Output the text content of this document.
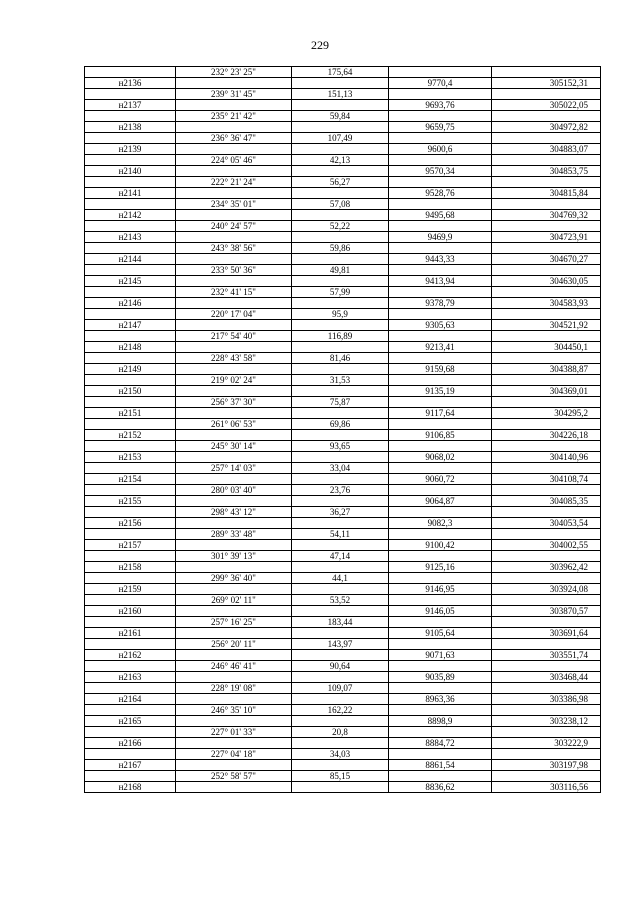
229
	232° 23' 25"	175,64		
н2136			9770,4	305152,31
	239° 31' 45"	151,13		
н2137			9693,76	305022,05
	235° 21' 42"	59,84		
н2138			9659,75	304972,82
	236° 36' 47"	107,49		
н2139			9600,6	304883,07
	224° 05' 46"	42,13		
н2140			9570,34	304853,75
	222° 21' 24"	56,27		
н2141			9528,76	304815,84
	234° 35' 01"	57,08		
н2142			9495,68	304769,32
	240° 24' 57"	52,22		
н2143			9469,9	304723,91
	243° 38' 56"	59,86		
н2144			9443,33	304670,27
	233° 50' 36"	49,81		
н2145			9413,94	304630,05
	232° 41' 15"	57,99		
н2146			9378,79	304583,93
	220° 17' 04"	95,9		
н2147			9305,63	304521,92
	217° 54' 40"	116,89		
н2148			9213,41	304450,1
	228° 43' 58"	81,46		
н2149			9159,68	304388,87
	219° 02' 24"	31,53		
н2150			9135,19	304369,01
	256° 37' 30"	75,87		
н2151			9117,64	304295,2
	261° 06' 53"	69,86		
н2152			9106,85	304226,18
	245° 30' 14"	93,65		
н2153			9068,02	304140,96
	257° 14' 03"	33,04		
н2154			9060,72	304108,74
	280° 03' 40"	23,76		
н2155			9064,87	304085,35
	298° 43' 12"	36,27		
н2156			9082,3	304053,54
	289° 33' 48"	54,11		
н2157			9100,42	304002,55
	301° 39' 13"	47,14		
н2158			9125,16	303962,42
	299° 36' 40"	44,1		
н2159			9146,95	303924,08
	269° 02' 11"	53,52		
н2160			9146,05	303870,57
	257° 16' 25"	183,44		
н2161			9105,64	303691,64
	256° 20' 11"	143,97		
н2162			9071,63	303551,74
	246° 46' 41"	90,64		
н2163			9035,89	303468,44
	228° 19' 08"	109,07		
н2164			8963,36	303386,98
	246° 35' 10"	162,22		
н2165			8898,9	303238,12
	227° 01' 33"	20,8		
н2166			8884,72	303222,9
	227° 04' 18"	34,03		
н2167			8861,54	303197,98
	252° 58' 57"	85,15		
н2168			8836,62	303116,56
